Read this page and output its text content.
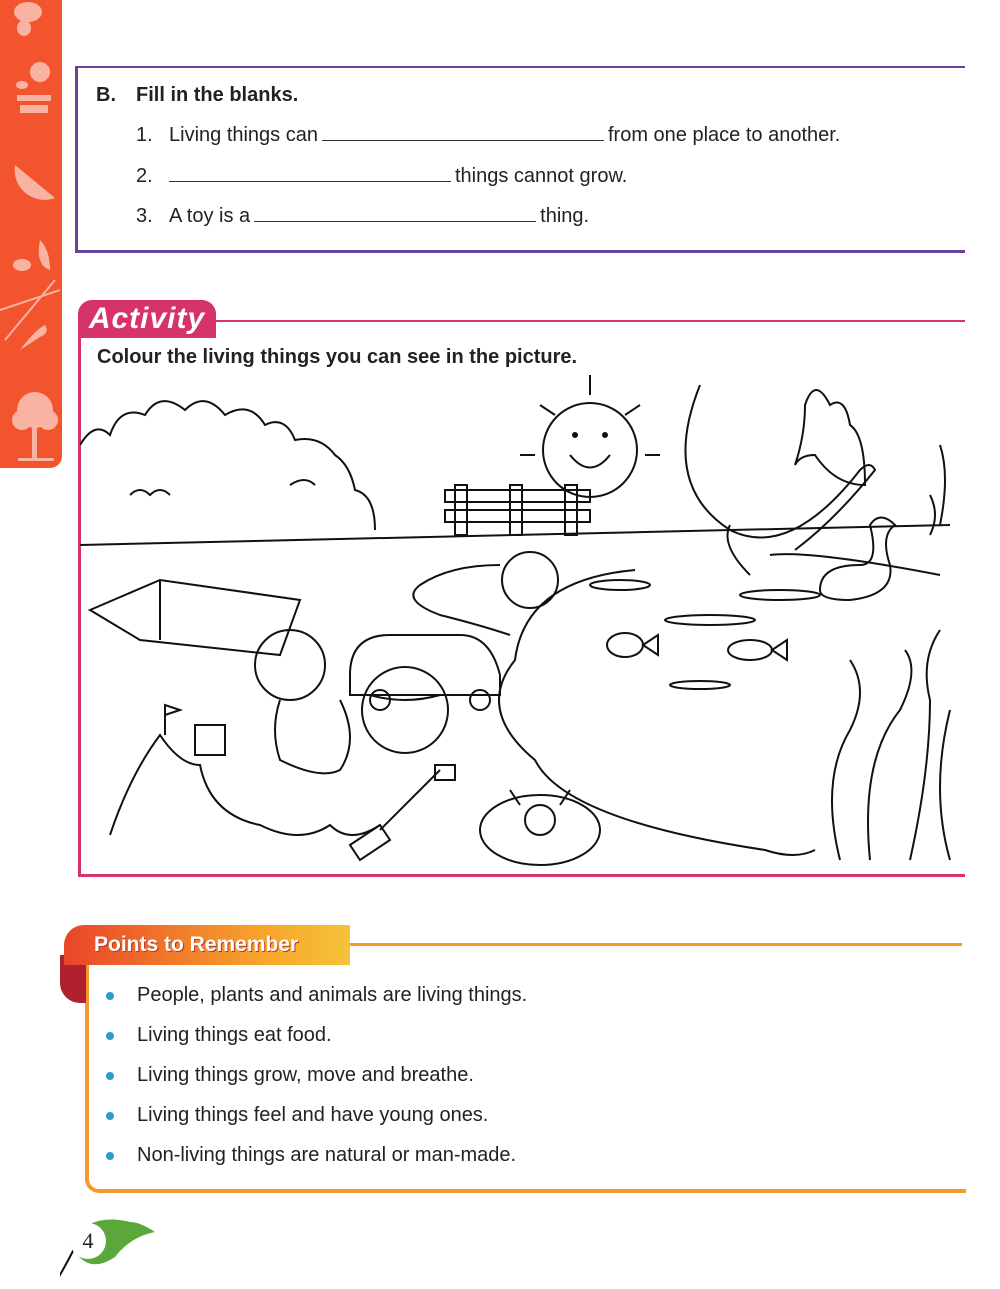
B. Fill in the blanks.
1. Living things can	from one place to another.
2.	things cannot grow.
3. A toy is a	thing.
Activity
Colour the living things you can see in the picture.
Points to Remember
People, plants and animals are living things.
Living things eat food.
Living things grow, move and breathe.
Living things feel and have young ones.
Non-living things are natural or man-made.
4
